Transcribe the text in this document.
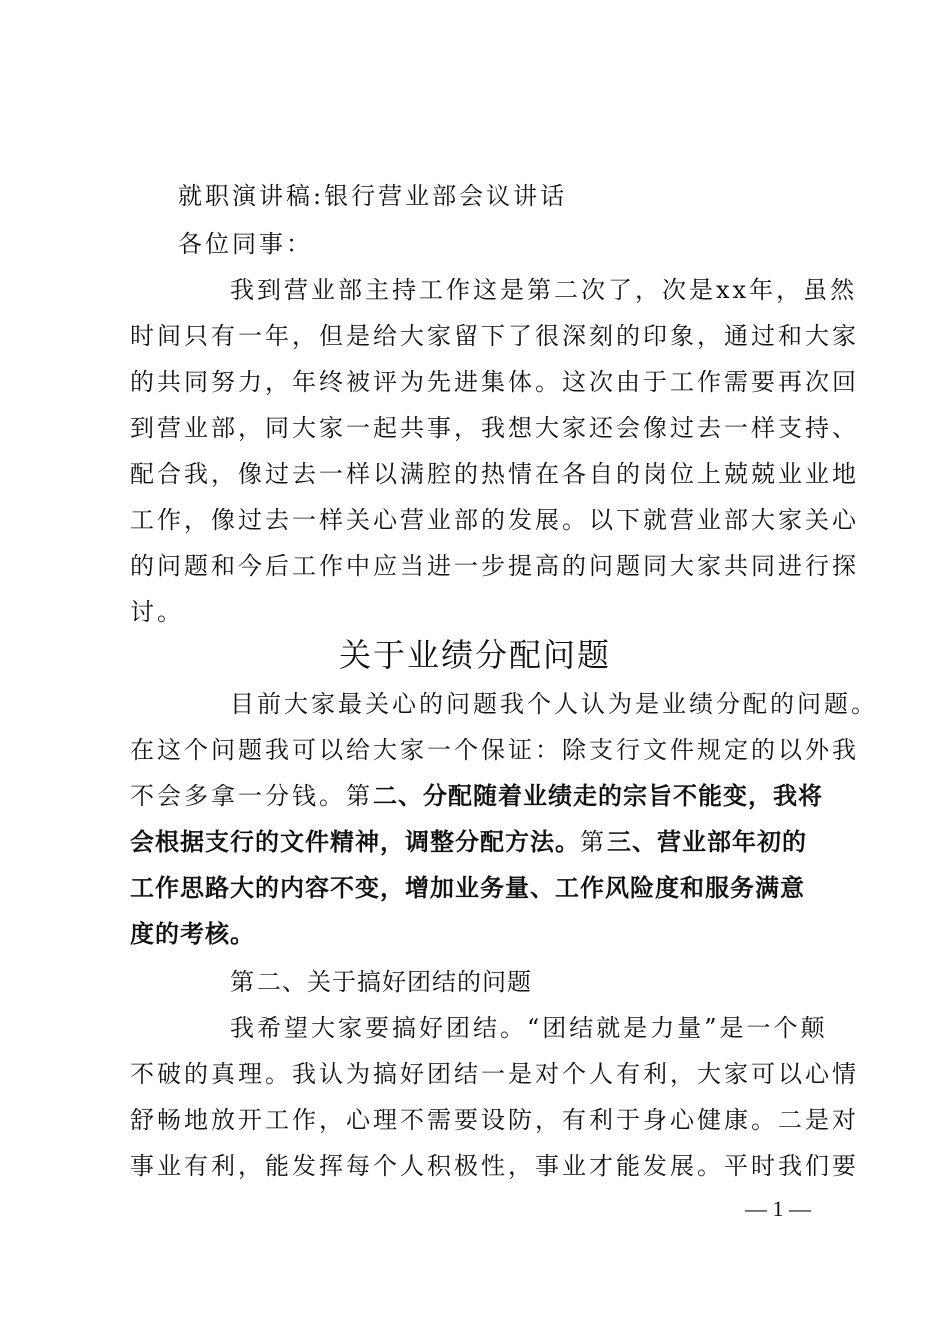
就职演讲稿:银行营业部会议讲话
各位同事：
我到营业部主持工作这是第二次了，次是xx年，虽然
时间只有一年，但是给大家留下了很深刻的印象，通过和大家
的共同努力，年终被评为先进集体。这次由于工作需要再次回
到营业部，同大家一起共事，我想大家还会像过去一样支持、
配合我，像过去一样以满腔的热情在各自的岗位上兢兢业业地
工作，像过去一样关心营业部的发展。以下就营业部大家关心
的问题和今后工作中应当进一步提高的问题同大家共同进行探
讨。
关于业绩分配问题
目前大家最关心的问题我个人认为是业绩分配的问题。
在这个问题我可以给大家一个保证：除支行文件规定的以外我
不会多拿一分钱。第二、分配随着业绩走的宗旨不能变，我将
会根据支行的文件精神，调整分配方法。第三、营业部年初的
工作思路大的内容不变，增加业务量、工作风险度和服务满意
度的考核。
第二、关于搞好团结的问题
我希望大家要搞好团结。“团结就是力量”是一个颠
不破的真理。我认为搞好团结一是对个人有利，大家可以心情
舒畅地放开工作，心理不需要设防，有利于身心健康。二是对
事业有利，能发挥每个人积极性，事业才能发展。平时我们要
— 1 —
